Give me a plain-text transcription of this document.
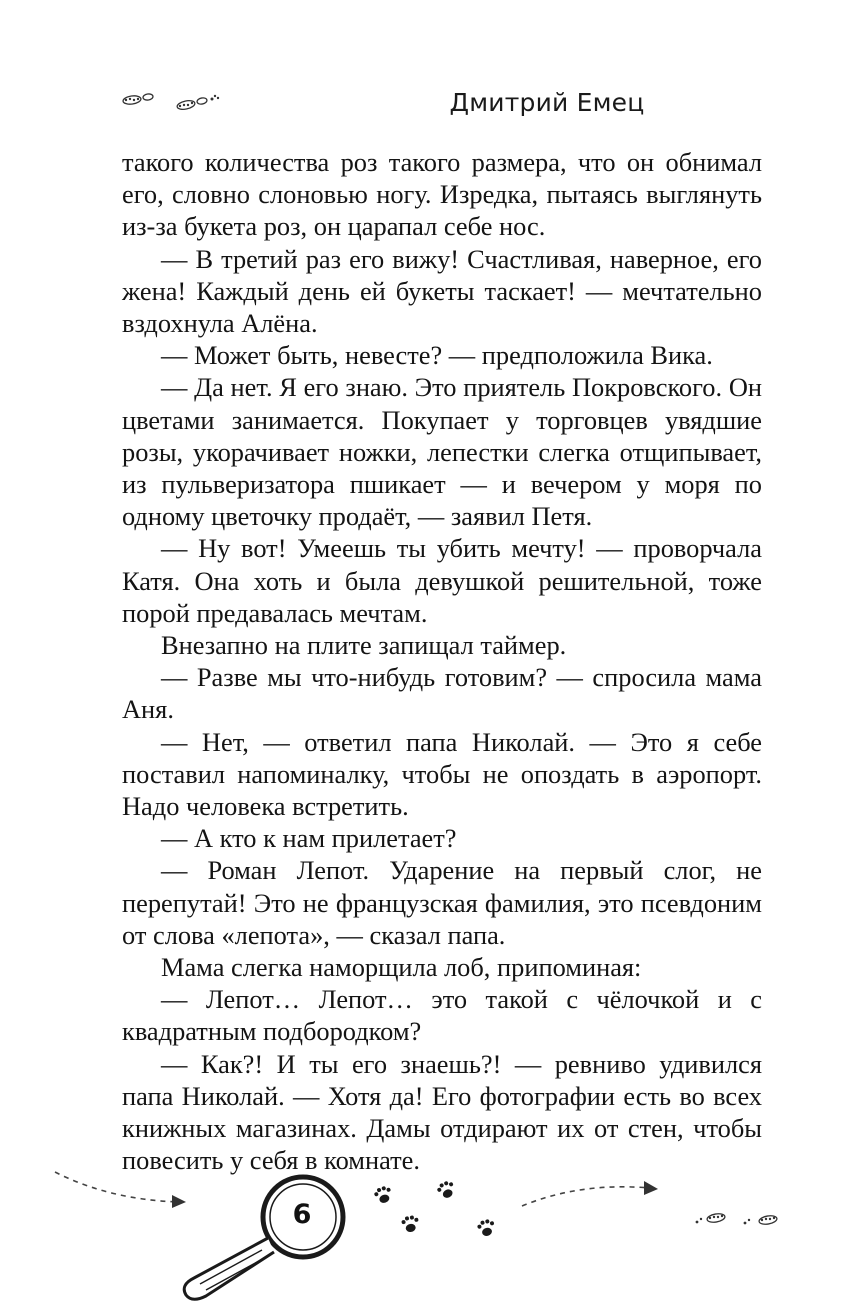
Дмитрий Емец

такого количества роз такого размера, что он обнимал его, словно слоновью ногу. Изредка, пытаясь выглянуть из-за букета роз, он царапал себе нос.

— В третий раз его вижу! Счастливая, наверное, его жена! Каждый день ей букеты таскает! — мечтательно вздохнула Алёна.

— Может быть, невесте? — предположила Вика.

— Да нет. Я его знаю. Это приятель Покровского. Он цветами занимается. Покупает у торговцев увядшие розы, укорачивает ножки, лепестки слегка отщипывает, из пульверизатора пшикает — и вечером у моря по одному цветочку продаёт, — заявил Петя.

— Ну вот! Умеешь ты убить мечту! — проворчала Катя. Она хоть и была девушкой решительной, тоже порой предавалась мечтам.

Внезапно на плите запищал таймер.

— Разве мы что-нибудь готовим? — спросила мама Аня.

— Нет, — ответил папа Николай. — Это я себе поставил напоминалку, чтобы не опоздать в аэропорт. Надо человека встретить.

— А кто к нам прилетает?

— Роман Лепот. Ударение на первый слог, не перепутай! Это не французская фамилия, это псевдоним от слова «лепота», — сказал папа.

Мама слегка наморщила лоб, припоминая:

— Лепот… Лепот… это такой с чёлочкой и с квадратным подбородком?

— Как?! И ты его знаешь?! — ревниво удивился папа Николай. — Хотя да! Его фотографии есть во всех книжных магазинах. Дамы отдирают их от стен, чтобы повесить у себя в комнате.

6
